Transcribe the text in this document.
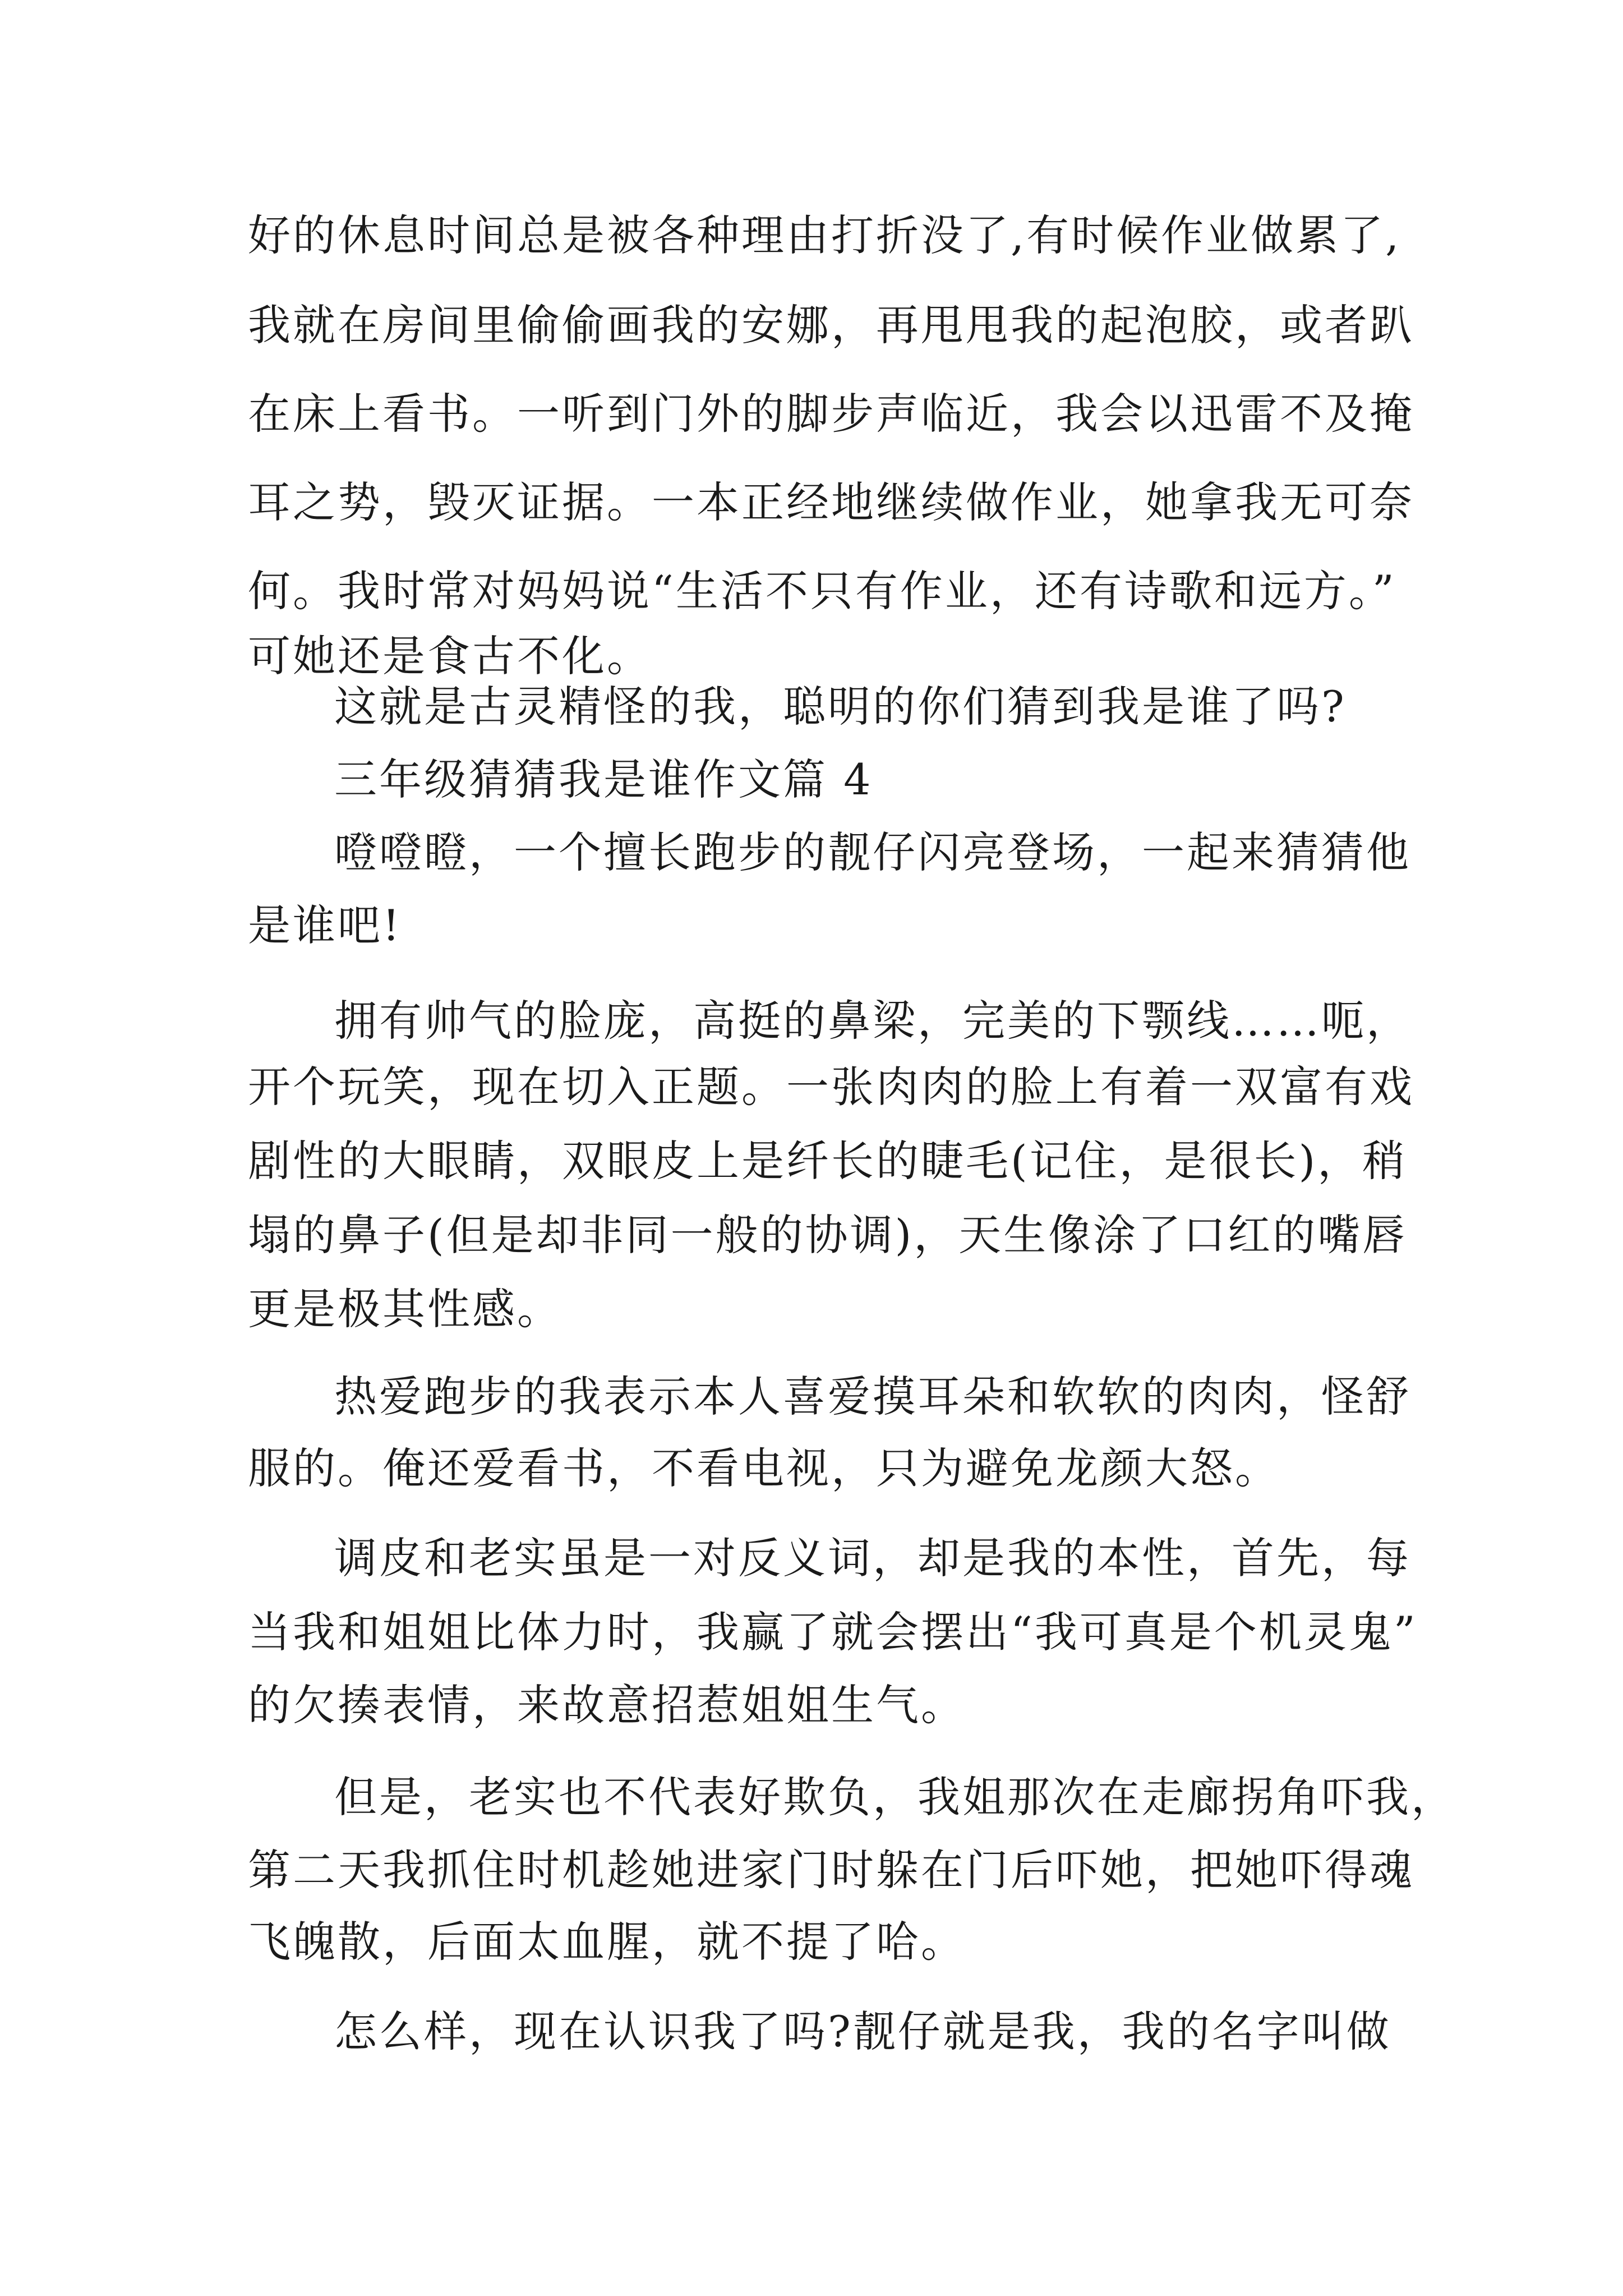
好的休息时间总是被各种理由打折没了,有时候作业做累了,
我就在房间里偷偷画我的安娜，再甩甩我的起泡胶，或者趴
在床上看书。一听到门外的脚步声临近，我会以迅雷不及掩
耳之势，毁灭证据。一本正经地继续做作业，她拿我无可奈
何。我时常对妈妈说“生活不只有作业，还有诗歌和远方。”
可她还是食古不化。
这就是古灵精怪的我，聪明的你们猜到我是谁了吗?
三年级猜猜我是谁作文篇 4
噔噔瞪，一个擅长跑步的靓仔闪亮登场，一起来猜猜他
是谁吧!
拥有帅气的脸庞，高挺的鼻梁，完美的下颚线……呃，
开个玩笑，现在切入正题。一张肉肉的脸上有着一双富有戏
剧性的大眼睛，双眼皮上是纤长的睫毛(记住，是很长)，稍
塌的鼻子(但是却非同一般的协调)，天生像涂了口红的嘴唇
更是极其性感。
热爱跑步的我表示本人喜爱摸耳朵和软软的肉肉，怪舒
服的。俺还爱看书，不看电视，只为避免龙颜大怒。
调皮和老实虽是一对反义词，却是我的本性，首先，每
当我和姐姐比体力时，我赢了就会摆出“我可真是个机灵鬼”
的欠揍表情，来故意招惹姐姐生气。
但是，老实也不代表好欺负，我姐那次在走廊拐角吓我，
第二天我抓住时机趁她进家门时躲在门后吓她，把她吓得魂
飞魄散，后面太血腥，就不提了哈。
怎么样，现在认识我了吗?靓仔就是我，我的名字叫做
